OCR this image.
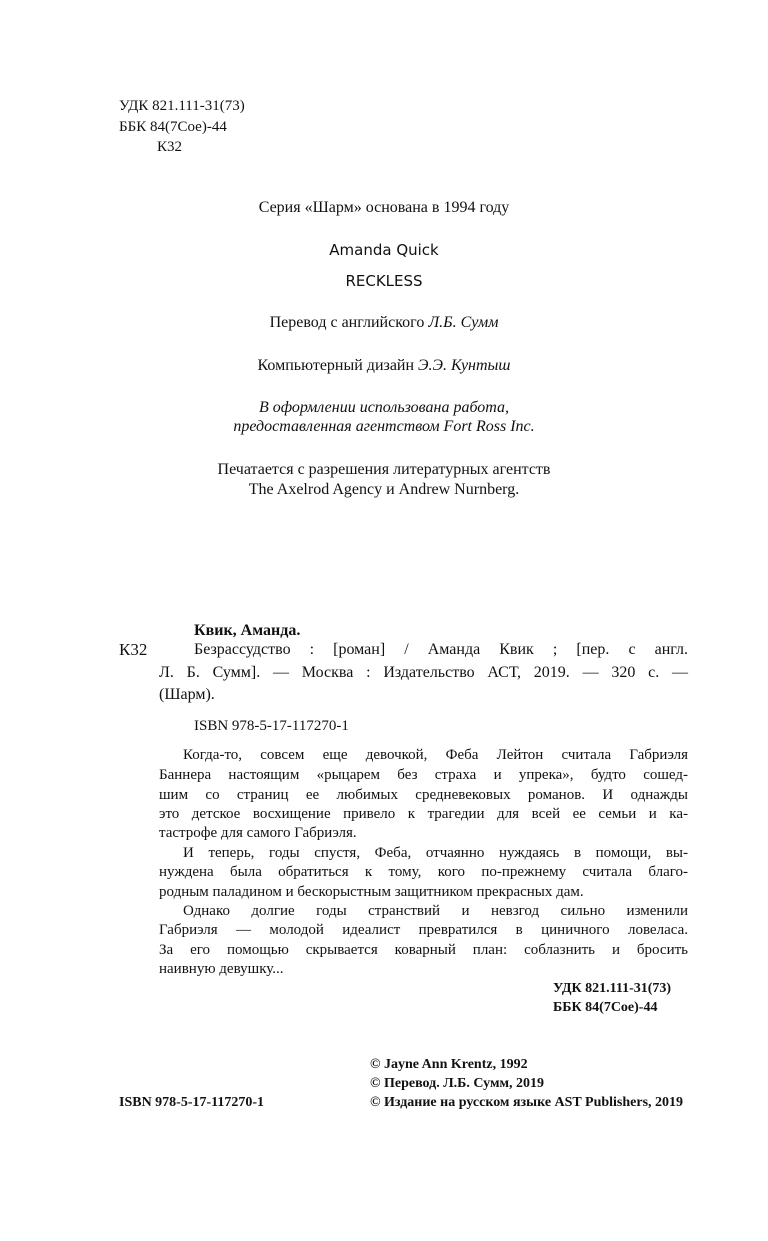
УДК 821.111-31(73)
ББК 84(7Сое)-44
К32
Серия «Шарм» основана в 1994 году
Amanda Quick
RECKLESS
Перевод с английского Л.Б. Сумм
Компьютерный дизайн Э.Э. Кунтыш
В оформлении использована работа,
предоставленная агентством Fort Ross Inc.
Печатается с разрешения литературных агентств
The Axelrod Agency и Andrew Nurnberg.
Квик, Аманда.
К32	Безрассудство : [роман] / Аманда Квик ; [пер. с англ.
Л. Б. Сумм]. — Москва : Издательство АСТ, 2019. — 320 с. —
(Шарм).
ISBN 978-5-17-117270-1
Когда-то, совсем еще девочкой, Феба Лейтон считала Габриэля
Баннера настоящим «рыцарем без страха и упрека», будто сошед-
шим со страниц ее любимых средневековых романов. И однажды
это детское восхищение привело к трагедии для всей ее семьи и ка-
тастрофе для самого Габриэля.
И теперь, годы спустя, Феба, отчаянно нуждаясь в помощи, вы-
нуждена была обратиться к тому, кого по-прежнему считала благо-
родным паладином и бескорыстным защитником прекрасных дам.
Однако долгие годы странствий и невзгод сильно изменили
Габриэля — молодой идеалист превратился в циничного ловеласа.
За его помощью скрывается коварный план: соблазнить и бросить
наивную девушку...
УДК 821.111-31(73)
ББК 84(7Сое)-44
© Jayne Ann Krentz, 1992
© Перевод. Л.Б. Сумм, 2019
ISBN 978-5-17-117270-1	© Издание на русском языке AST Publishers, 2019
